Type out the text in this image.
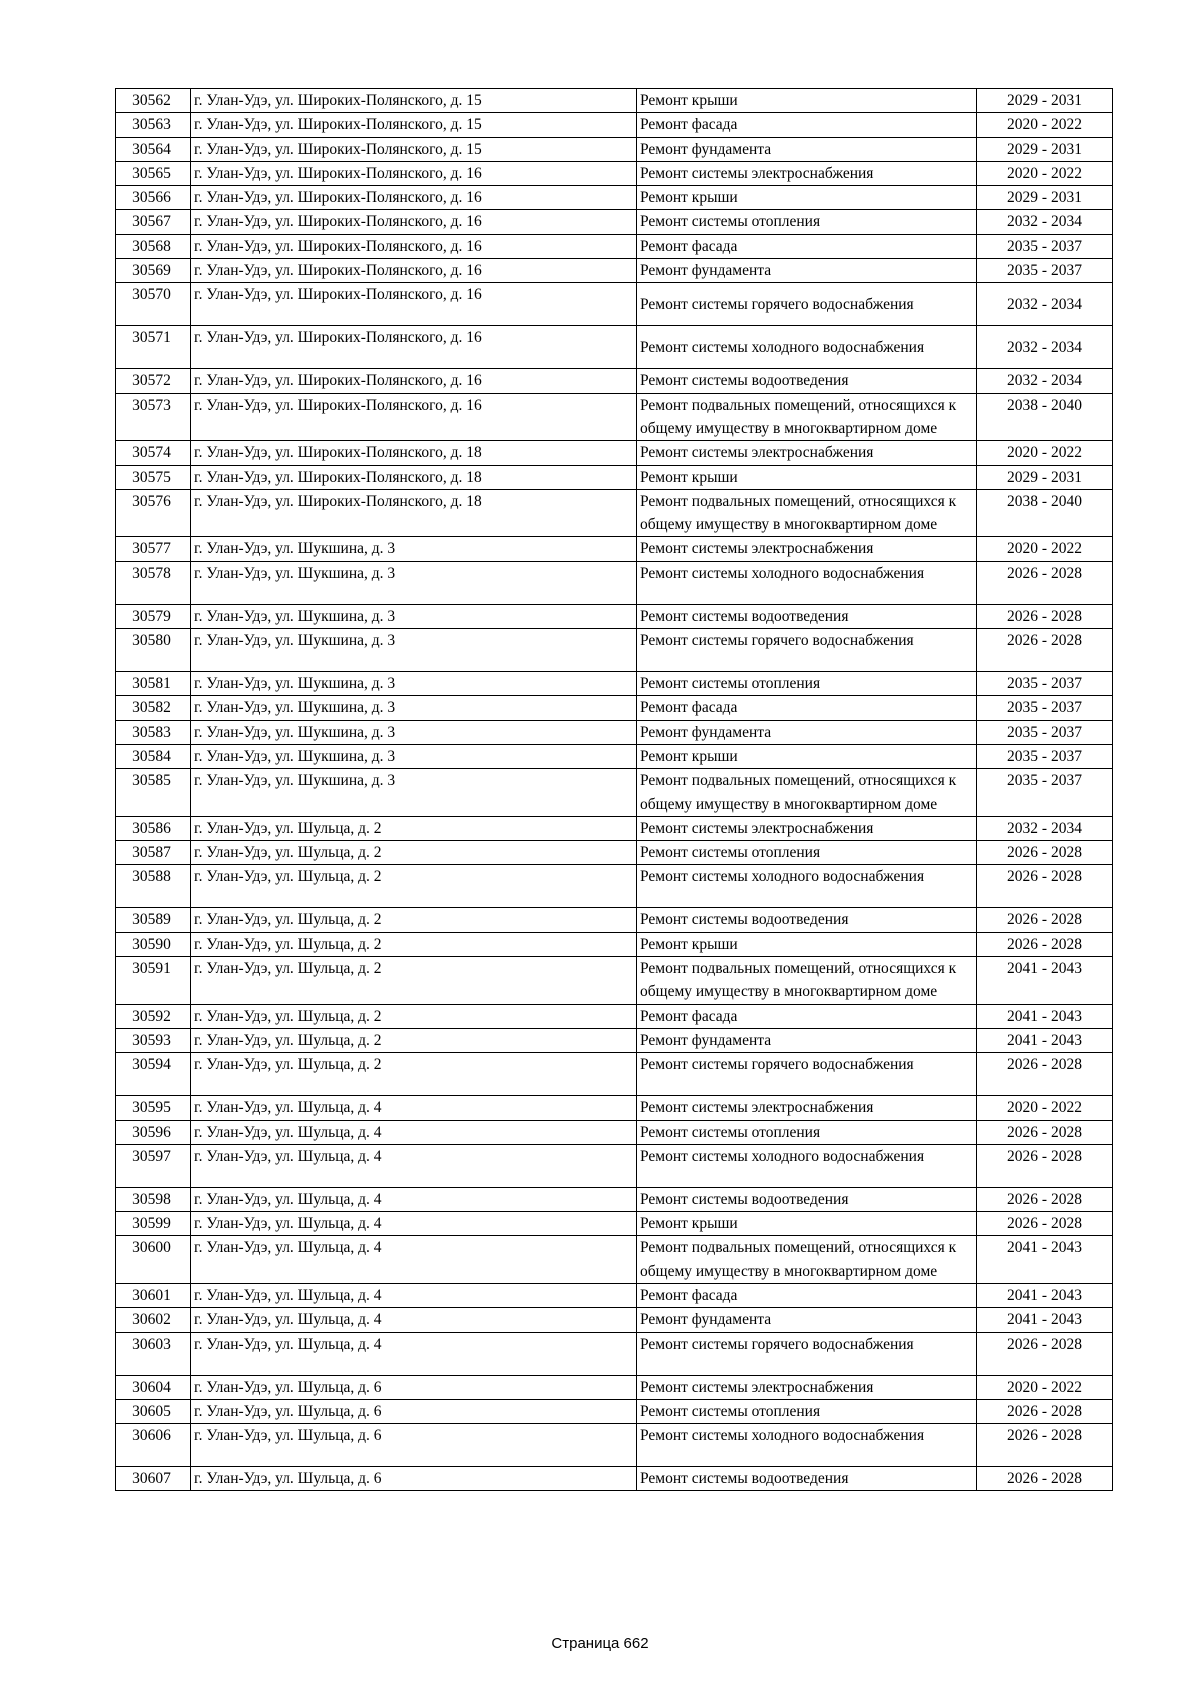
30562	г. Улан-Удэ, ул. Широких-Полянского, д. 15	Ремонт крыши	2029 - 2031
30563	г. Улан-Удэ, ул. Широких-Полянского, д. 15	Ремонт фасада	2020 - 2022
30564	г. Улан-Удэ, ул. Широких-Полянского, д. 15	Ремонт фундамента	2029 - 2031
30565	г. Улан-Удэ, ул. Широких-Полянского, д. 16	Ремонт системы электроснабжения	2020 - 2022
30566	г. Улан-Удэ, ул. Широких-Полянского, д. 16	Ремонт крыши	2029 - 2031
30567	г. Улан-Удэ, ул. Широких-Полянского, д. 16	Ремонт системы отопления	2032 - 2034
30568	г. Улан-Удэ, ул. Широких-Полянского, д. 16	Ремонт фасада	2035 - 2037
30569	г. Улан-Удэ, ул. Широких-Полянского, д. 16	Ремонт фундамента	2035 - 2037
30570	г. Улан-Удэ, ул. Широких-Полянского, д. 16	Ремонт системы горячего водоснабжения	2032 - 2034
30571	г. Улан-Удэ, ул. Широких-Полянского, д. 16	Ремонт системы холодного водоснабжения	2032 - 2034
30572	г. Улан-Удэ, ул. Широких-Полянского, д. 16	Ремонт системы водоотведения	2032 - 2034
30573	г. Улан-Удэ, ул. Широких-Полянского, д. 16	Ремонт подвальных помещений, относящихся к общему имуществу в многоквартирном доме	2038 - 2040
30574	г. Улан-Удэ, ул. Широких-Полянского, д. 18	Ремонт системы электроснабжения	2020 - 2022
30575	г. Улан-Удэ, ул. Широких-Полянского, д. 18	Ремонт крыши	2029 - 2031
30576	г. Улан-Удэ, ул. Широких-Полянского, д. 18	Ремонт подвальных помещений, относящихся к общему имуществу в многоквартирном доме	2038 - 2040
30577	г. Улан-Удэ, ул. Шукшина, д. 3	Ремонт системы электроснабжения	2020 - 2022
30578	г. Улан-Удэ, ул. Шукшина, д. 3	Ремонт системы холодного водоснабжения	2026 - 2028
30579	г. Улан-Удэ, ул. Шукшина, д. 3	Ремонт системы водоотведения	2026 - 2028
30580	г. Улан-Удэ, ул. Шукшина, д. 3	Ремонт системы горячего водоснабжения	2026 - 2028
30581	г. Улан-Удэ, ул. Шукшина, д. 3	Ремонт системы отопления	2035 - 2037
30582	г. Улан-Удэ, ул. Шукшина, д. 3	Ремонт фасада	2035 - 2037
30583	г. Улан-Удэ, ул. Шукшина, д. 3	Ремонт фундамента	2035 - 2037
30584	г. Улан-Удэ, ул. Шукшина, д. 3	Ремонт крыши	2035 - 2037
30585	г. Улан-Удэ, ул. Шукшина, д. 3	Ремонт подвальных помещений, относящихся к общему имуществу в многоквартирном доме	2035 - 2037
30586	г. Улан-Удэ, ул. Шульца, д. 2	Ремонт системы электроснабжения	2032 - 2034
30587	г. Улан-Удэ, ул. Шульца, д. 2	Ремонт системы отопления	2026 - 2028
30588	г. Улан-Удэ, ул. Шульца, д. 2	Ремонт системы холодного водоснабжения	2026 - 2028
30589	г. Улан-Удэ, ул. Шульца, д. 2	Ремонт системы водоотведения	2026 - 2028
30590	г. Улан-Удэ, ул. Шульца, д. 2	Ремонт крыши	2026 - 2028
30591	г. Улан-Удэ, ул. Шульца, д. 2	Ремонт подвальных помещений, относящихся к общему имуществу в многоквартирном доме	2041 - 2043
30592	г. Улан-Удэ, ул. Шульца, д. 2	Ремонт фасада	2041 - 2043
30593	г. Улан-Удэ, ул. Шульца, д. 2	Ремонт фундамента	2041 - 2043
30594	г. Улан-Удэ, ул. Шульца, д. 2	Ремонт системы горячего водоснабжения	2026 - 2028
30595	г. Улан-Удэ, ул. Шульца, д. 4	Ремонт системы электроснабжения	2020 - 2022
30596	г. Улан-Удэ, ул. Шульца, д. 4	Ремонт системы отопления	2026 - 2028
30597	г. Улан-Удэ, ул. Шульца, д. 4	Ремонт системы холодного водоснабжения	2026 - 2028
30598	г. Улан-Удэ, ул. Шульца, д. 4	Ремонт системы водоотведения	2026 - 2028
30599	г. Улан-Удэ, ул. Шульца, д. 4	Ремонт крыши	2026 - 2028
30600	г. Улан-Удэ, ул. Шульца, д. 4	Ремонт подвальных помещений, относящихся к общему имуществу в многоквартирном доме	2041 - 2043
30601	г. Улан-Удэ, ул. Шульца, д. 4	Ремонт фасада	2041 - 2043
30602	г. Улан-Удэ, ул. Шульца, д. 4	Ремонт фундамента	2041 - 2043
30603	г. Улан-Удэ, ул. Шульца, д. 4	Ремонт системы горячего водоснабжения	2026 - 2028
30604	г. Улан-Удэ, ул. Шульца, д. 6	Ремонт системы электроснабжения	2020 - 2022
30605	г. Улан-Удэ, ул. Шульца, д. 6	Ремонт системы отопления	2026 - 2028
30606	г. Улан-Удэ, ул. Шульца, д. 6	Ремонт системы холодного водоснабжения	2026 - 2028
30607	г. Улан-Удэ, ул. Шульца, д. 6	Ремонт системы водоотведения	2026 - 2028
Страница 662
